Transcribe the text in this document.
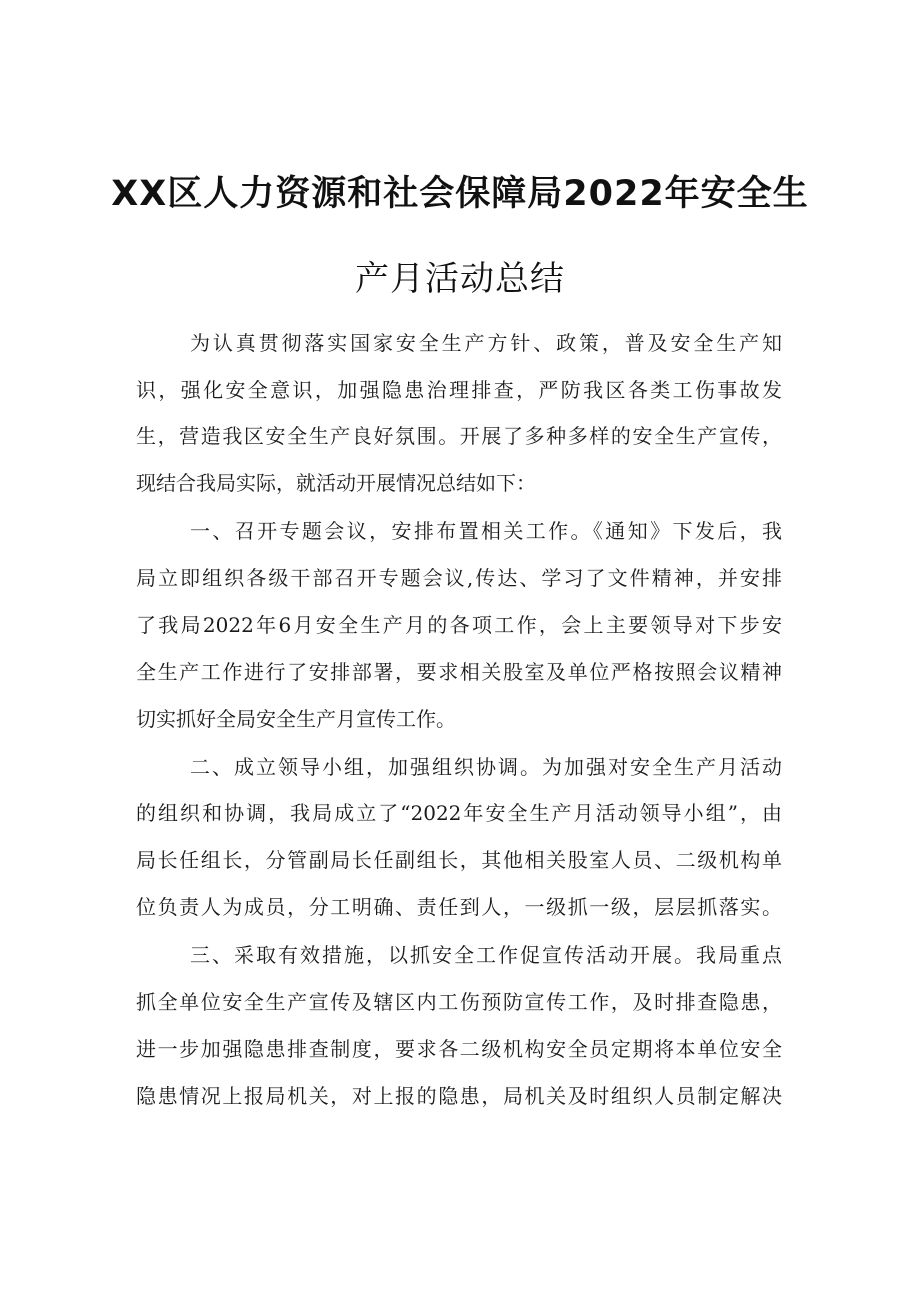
XX区人力资源和社会保障局2022年安全生
产月活动总结
为认真贯彻落实国家安全生产方针、政策，普及安全生产知
识，强化安全意识，加强隐患治理排查，严防我区各类工伤事故发
生，营造我区安全生产良好氛围。开展了多种多样的安全生产宣传，
现结合我局实际，就活动开展情况总结如下：
一、召开专题会议，安排布置相关工作。《通知》下发后，我
局立即组织各级干部召开专题会议,传达、学习了文件精神，并安排
了我局2022年6月安全生产月的各项工作，会上主要领导对下步安
全生产工作进行了安排部署，要求相关股室及单位严格按照会议精神
切实抓好全局安全生产月宣传工作。
二、成立领导小组，加强组织协调。为加强对安全生产月活动
的组织和协调，我局成立了“2022年安全生产月活动领导小组”，由
局长任组长，分管副局长任副组长，其他相关股室人员、二级机构单
位负责人为成员，分工明确、责任到人，一级抓一级，层层抓落实。
三、采取有效措施，以抓安全工作促宣传活动开展。我局重点
抓全单位安全生产宣传及辖区内工伤预防宣传工作，及时排查隐患，
进一步加强隐患排查制度，要求各二级机构安全员定期将本单位安全
隐患情况上报局机关，对上报的隐患，局机关及时组织人员制定解决
